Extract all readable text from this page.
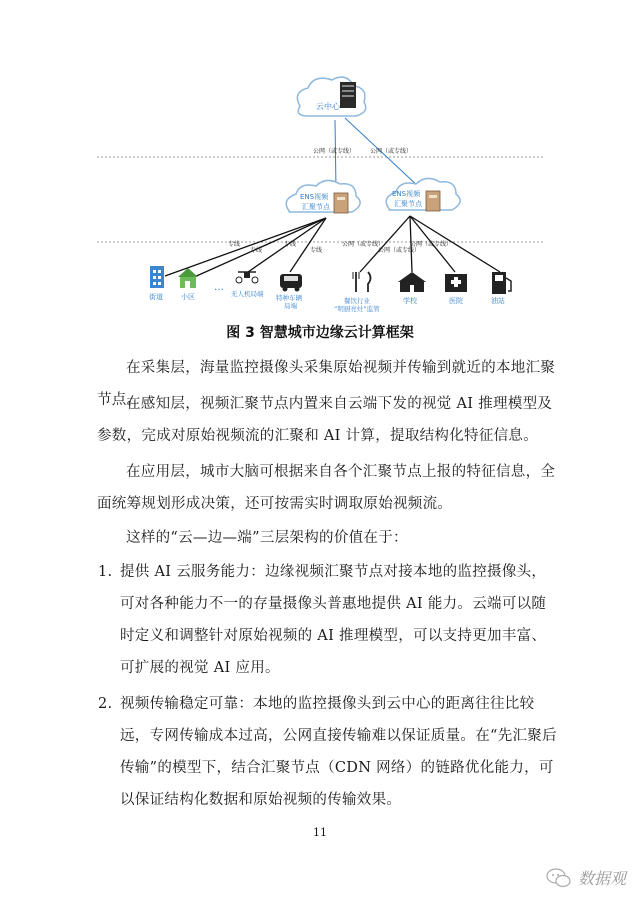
云中心
公网（或专线） 公网（或专线）
ENS视频
汇聚节点
ENS视频
汇聚节点
专线
专线
专线
专线
公网（或专线）
公网（或专线）
公网（或专线）
街道	小区
…
无人机局端 特种车辆
局端
餐饮行业
“明厨亮灶”监管
学校	医院	油站
图 3 智慧城市边缘云计算框架

在采集层，海量监控摄像头采集原始视频并传输到就近的本地汇聚节点。

在感知层，视频汇聚节点内置来自云端下发的视觉 AI 推理模型及参数，完成对原始视频流的汇聚和 AI 计算，提取结构化特征信息。

在应用层，城市大脑可根据来自各个汇聚节点上报的特征信息，全面统筹规划形成决策，还可按需实时调取原始视频流。

这样的“云—边—端”三层架构的价值在于：

1. 提供 AI 云服务能力：边缘视频汇聚节点对接本地的监控摄像头，可对各种能力不一的存量摄像头普惠地提供 AI 能力。云端可以随时定义和调整针对原始视频的 AI 推理模型，可以支持更加丰富、可扩展的视觉 AI 应用。
2. 视频传输稳定可靠：本地的监控摄像头到云中心的距离往往比较远，专网传输成本过高，公网直接传输难以保证质量。在“先汇聚后传输”的模型下，结合汇聚节点（CDN 网络）的链路优化能力，可以保证结构化数据和原始视频的传输效果。
11
数据观
